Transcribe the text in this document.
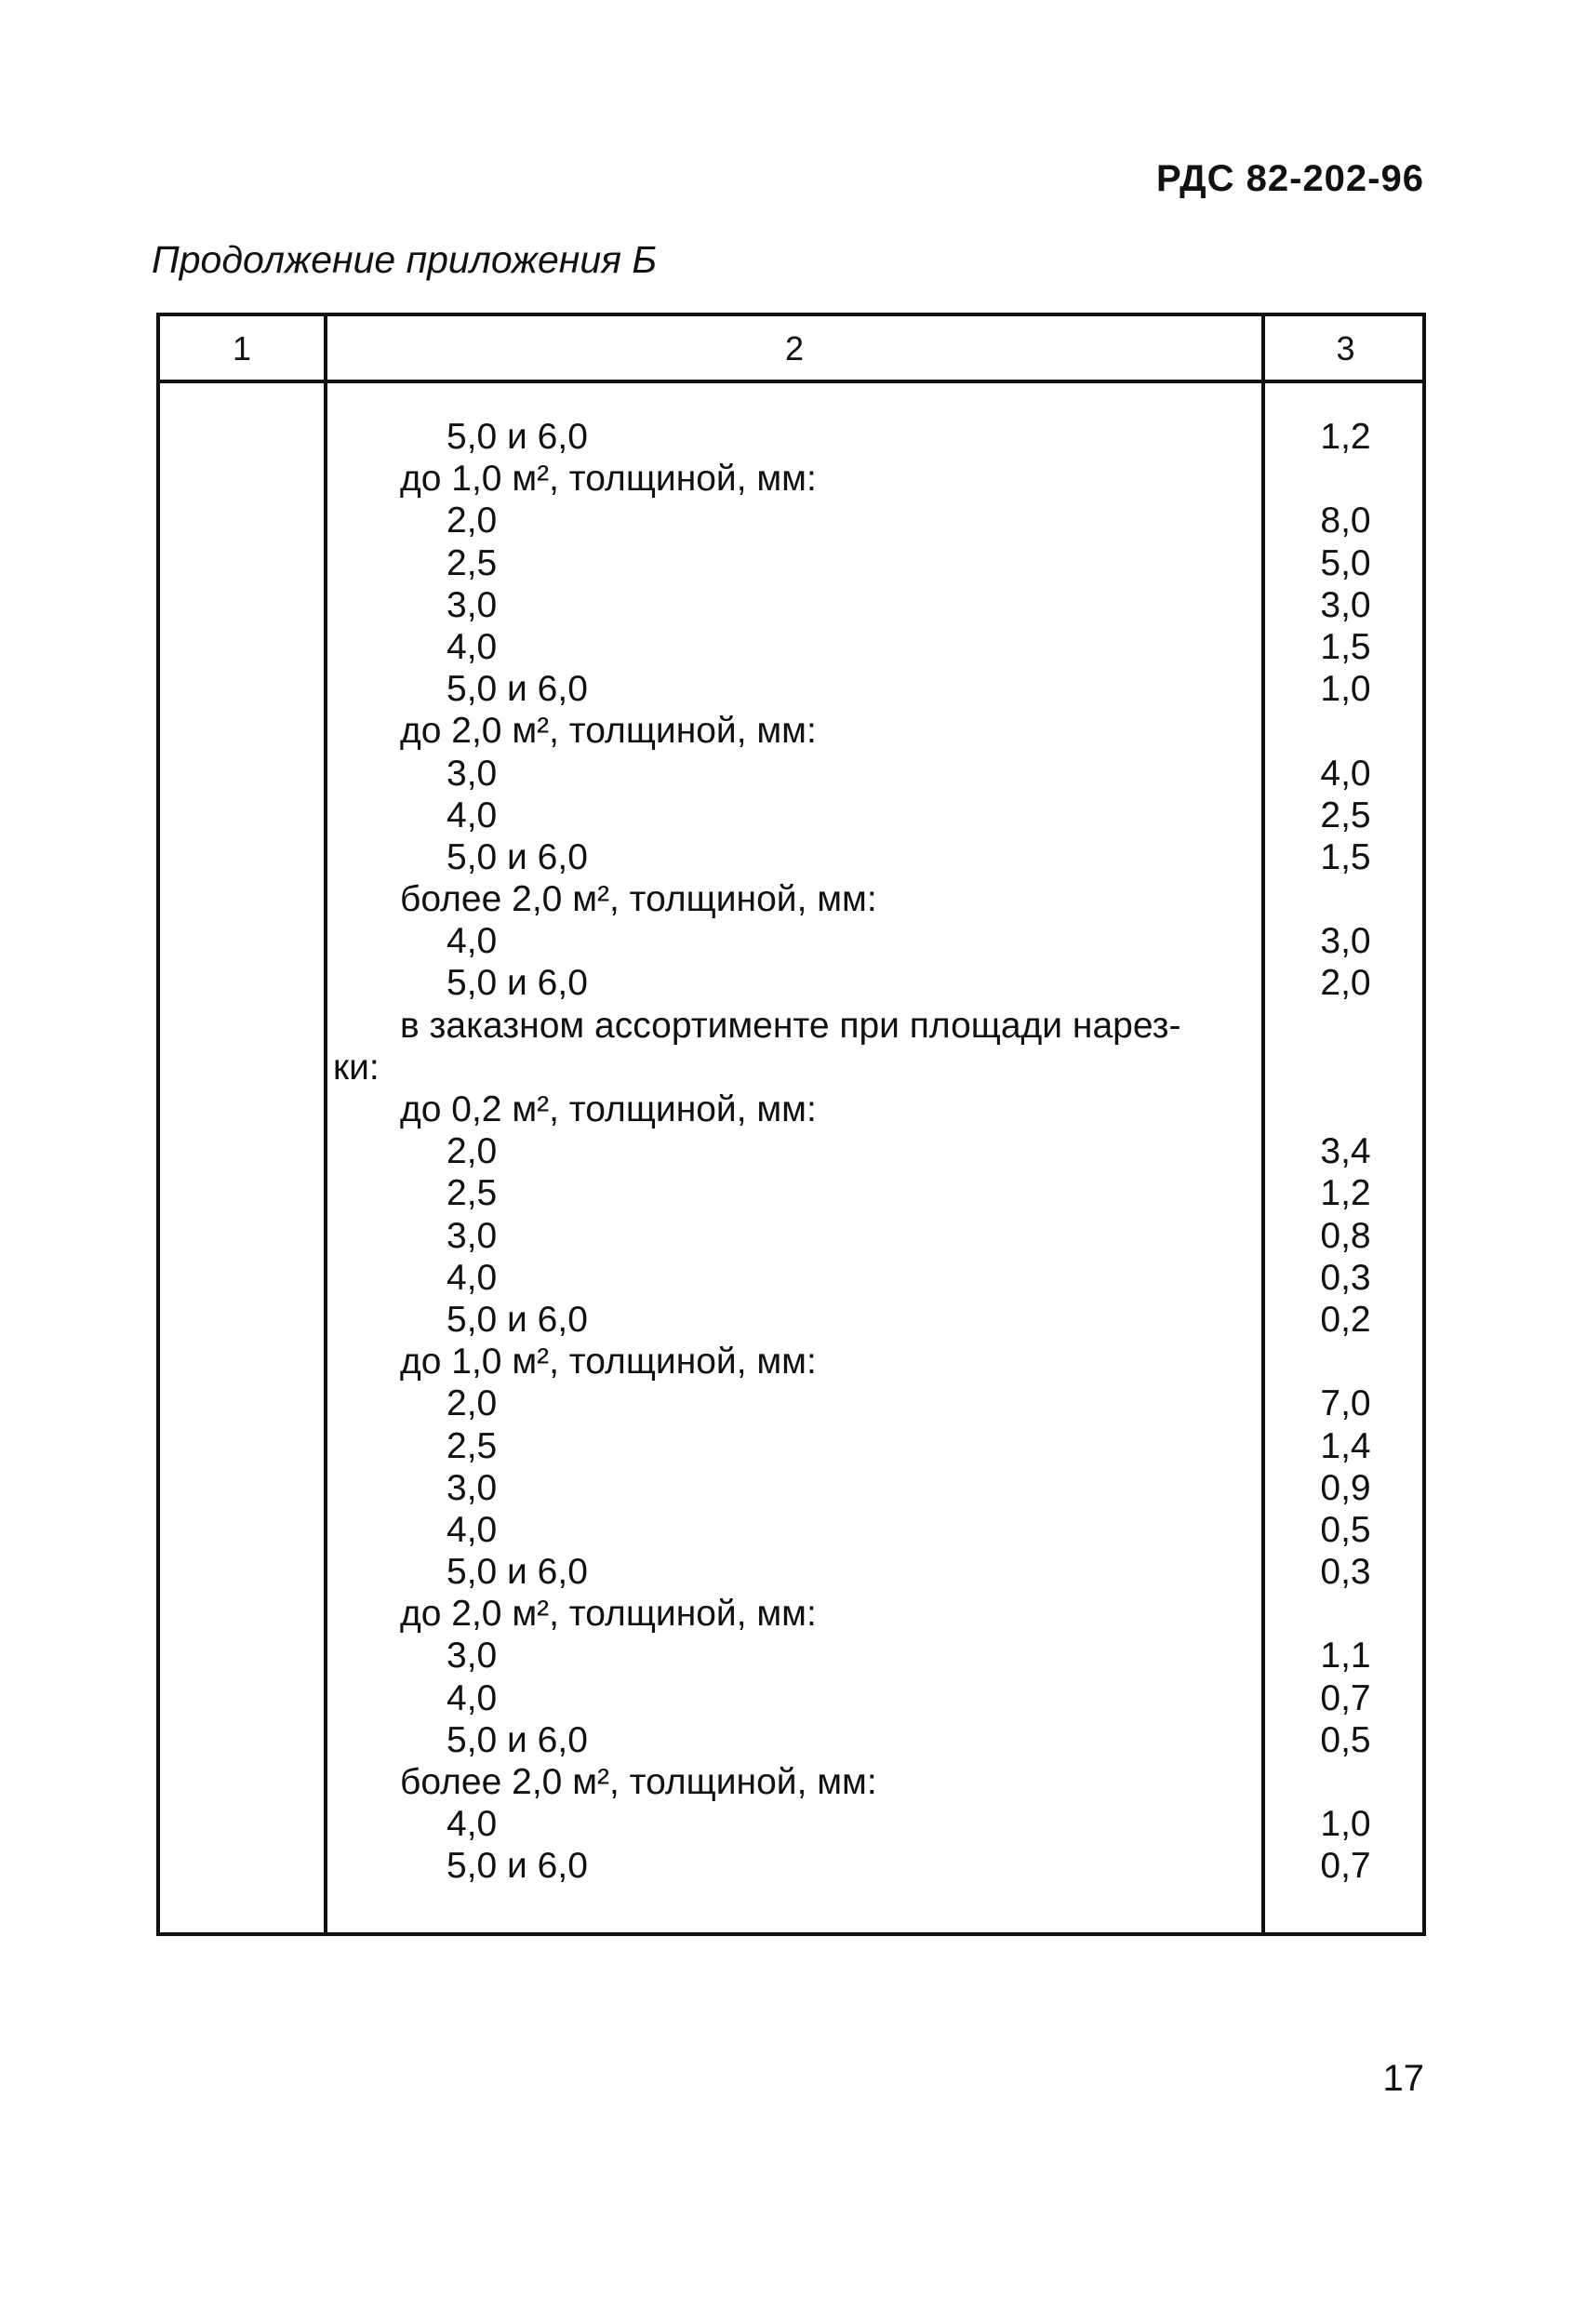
РДС 82-202-96
Продолжение приложения Б
1	2	3
5,0 и 6,0	1,2
до 1,0 м², толщиной, мм:
2,0	8,0
2,5	5,0
3,0	3,0
4,0	1,5
5,0 и 6,0	1,0
до 2,0 м², толщиной, мм:
3,0	4,0
4,0	2,5
5,0 и 6,0	1,5
более 2,0 м², толщиной, мм:
4,0	3,0
5,0 и 6,0	2,0
в заказном ассортименте при площади нарез-
ки:
до 0,2 м², толщиной, мм:
2,0	3,4
2,5	1,2
3,0	0,8
4,0	0,3
5,0 и 6,0	0,2
до 1,0 м², толщиной, мм:
2,0	7,0
2,5	1,4
3,0	0,9
4,0	0,5
5,0 и 6,0	0,3
до 2,0 м², толщиной, мм:
3,0	1,1
4,0	0,7
5,0 и 6,0	0,5
более 2,0 м², толщиной, мм:
4,0	1,0
5,0 и 6,0	0,7
17
